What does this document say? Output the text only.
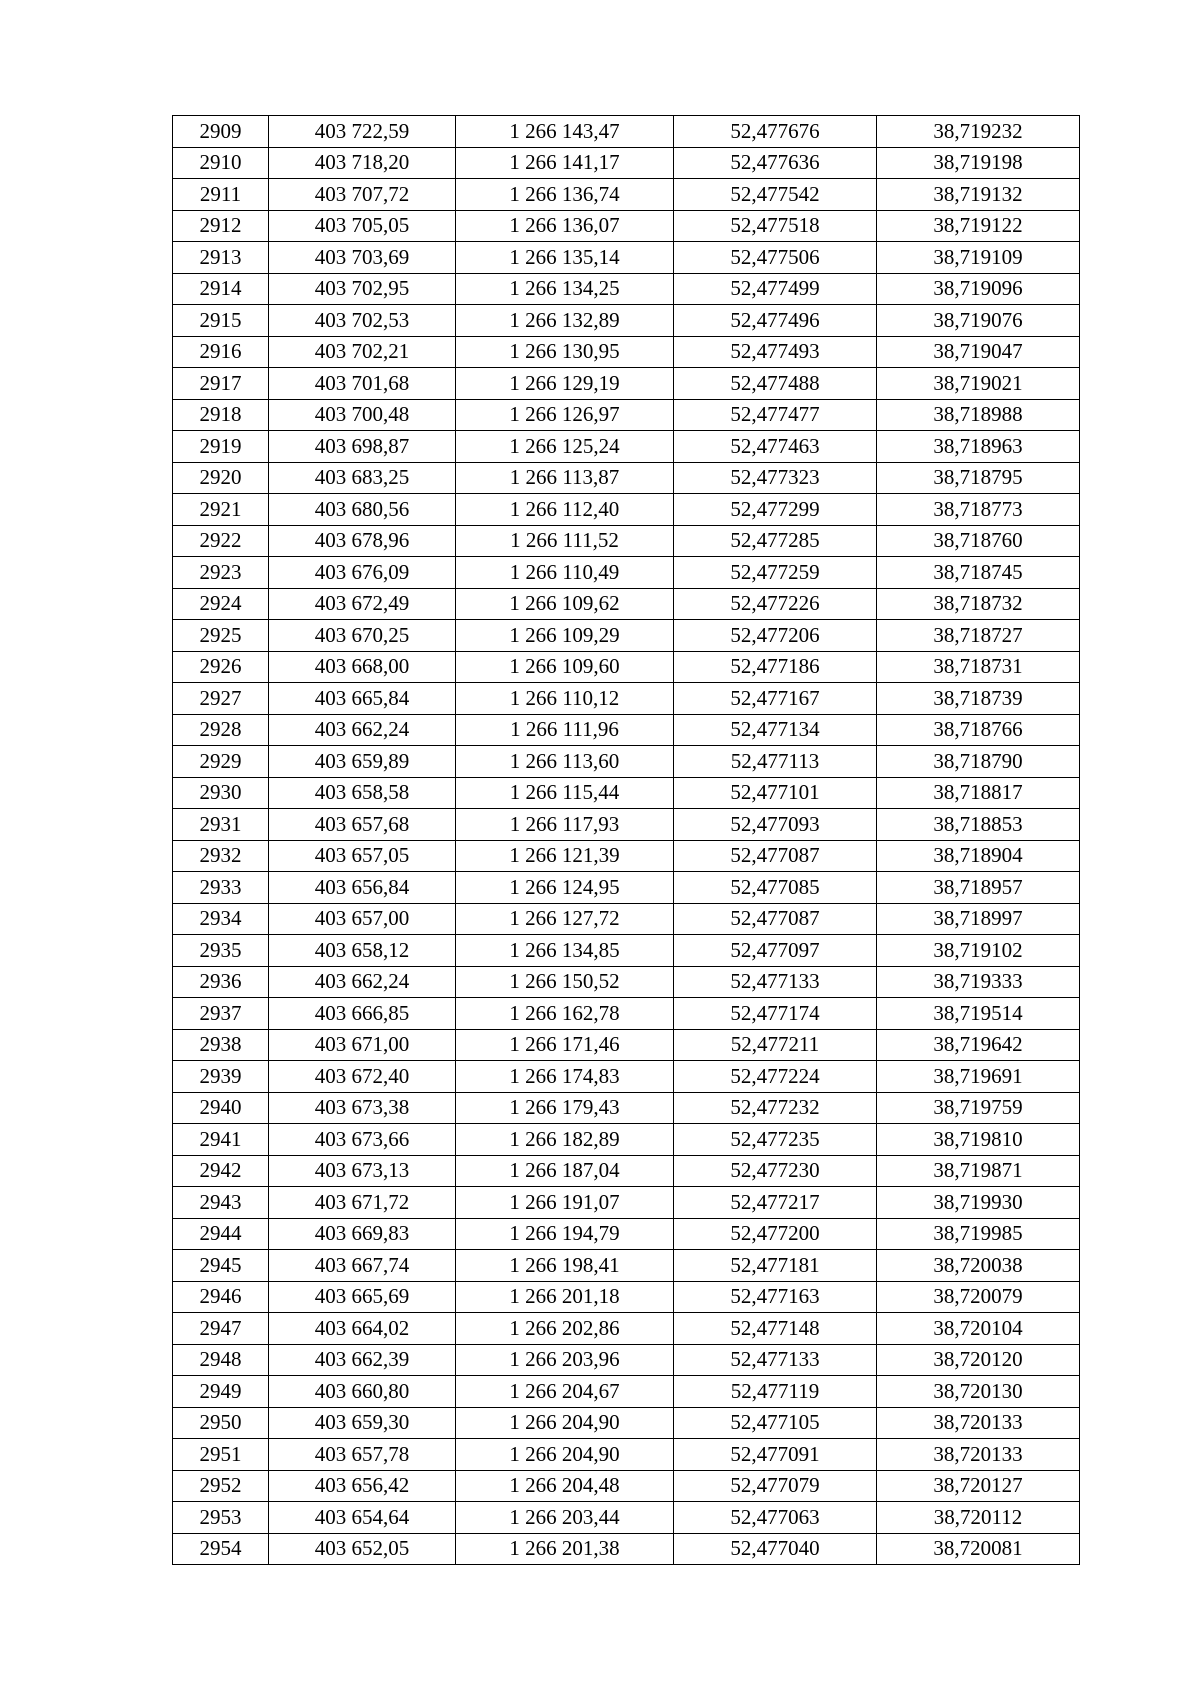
2909	403 722,59	1 266 143,47	52,477676	38,719232
2910	403 718,20	1 266 141,17	52,477636	38,719198
2911	403 707,72	1 266 136,74	52,477542	38,719132
2912	403 705,05	1 266 136,07	52,477518	38,719122
2913	403 703,69	1 266 135,14	52,477506	38,719109
2914	403 702,95	1 266 134,25	52,477499	38,719096
2915	403 702,53	1 266 132,89	52,477496	38,719076
2916	403 702,21	1 266 130,95	52,477493	38,719047
2917	403 701,68	1 266 129,19	52,477488	38,719021
2918	403 700,48	1 266 126,97	52,477477	38,718988
2919	403 698,87	1 266 125,24	52,477463	38,718963
2920	403 683,25	1 266 113,87	52,477323	38,718795
2921	403 680,56	1 266 112,40	52,477299	38,718773
2922	403 678,96	1 266 111,52	52,477285	38,718760
2923	403 676,09	1 266 110,49	52,477259	38,718745
2924	403 672,49	1 266 109,62	52,477226	38,718732
2925	403 670,25	1 266 109,29	52,477206	38,718727
2926	403 668,00	1 266 109,60	52,477186	38,718731
2927	403 665,84	1 266 110,12	52,477167	38,718739
2928	403 662,24	1 266 111,96	52,477134	38,718766
2929	403 659,89	1 266 113,60	52,477113	38,718790
2930	403 658,58	1 266 115,44	52,477101	38,718817
2931	403 657,68	1 266 117,93	52,477093	38,718853
2932	403 657,05	1 266 121,39	52,477087	38,718904
2933	403 656,84	1 266 124,95	52,477085	38,718957
2934	403 657,00	1 266 127,72	52,477087	38,718997
2935	403 658,12	1 266 134,85	52,477097	38,719102
2936	403 662,24	1 266 150,52	52,477133	38,719333
2937	403 666,85	1 266 162,78	52,477174	38,719514
2938	403 671,00	1 266 171,46	52,477211	38,719642
2939	403 672,40	1 266 174,83	52,477224	38,719691
2940	403 673,38	1 266 179,43	52,477232	38,719759
2941	403 673,66	1 266 182,89	52,477235	38,719810
2942	403 673,13	1 266 187,04	52,477230	38,719871
2943	403 671,72	1 266 191,07	52,477217	38,719930
2944	403 669,83	1 266 194,79	52,477200	38,719985
2945	403 667,74	1 266 198,41	52,477181	38,720038
2946	403 665,69	1 266 201,18	52,477163	38,720079
2947	403 664,02	1 266 202,86	52,477148	38,720104
2948	403 662,39	1 266 203,96	52,477133	38,720120
2949	403 660,80	1 266 204,67	52,477119	38,720130
2950	403 659,30	1 266 204,90	52,477105	38,720133
2951	403 657,78	1 266 204,90	52,477091	38,720133
2952	403 656,42	1 266 204,48	52,477079	38,720127
2953	403 654,64	1 266 203,44	52,477063	38,720112
2954	403 652,05	1 266 201,38	52,477040	38,720081
